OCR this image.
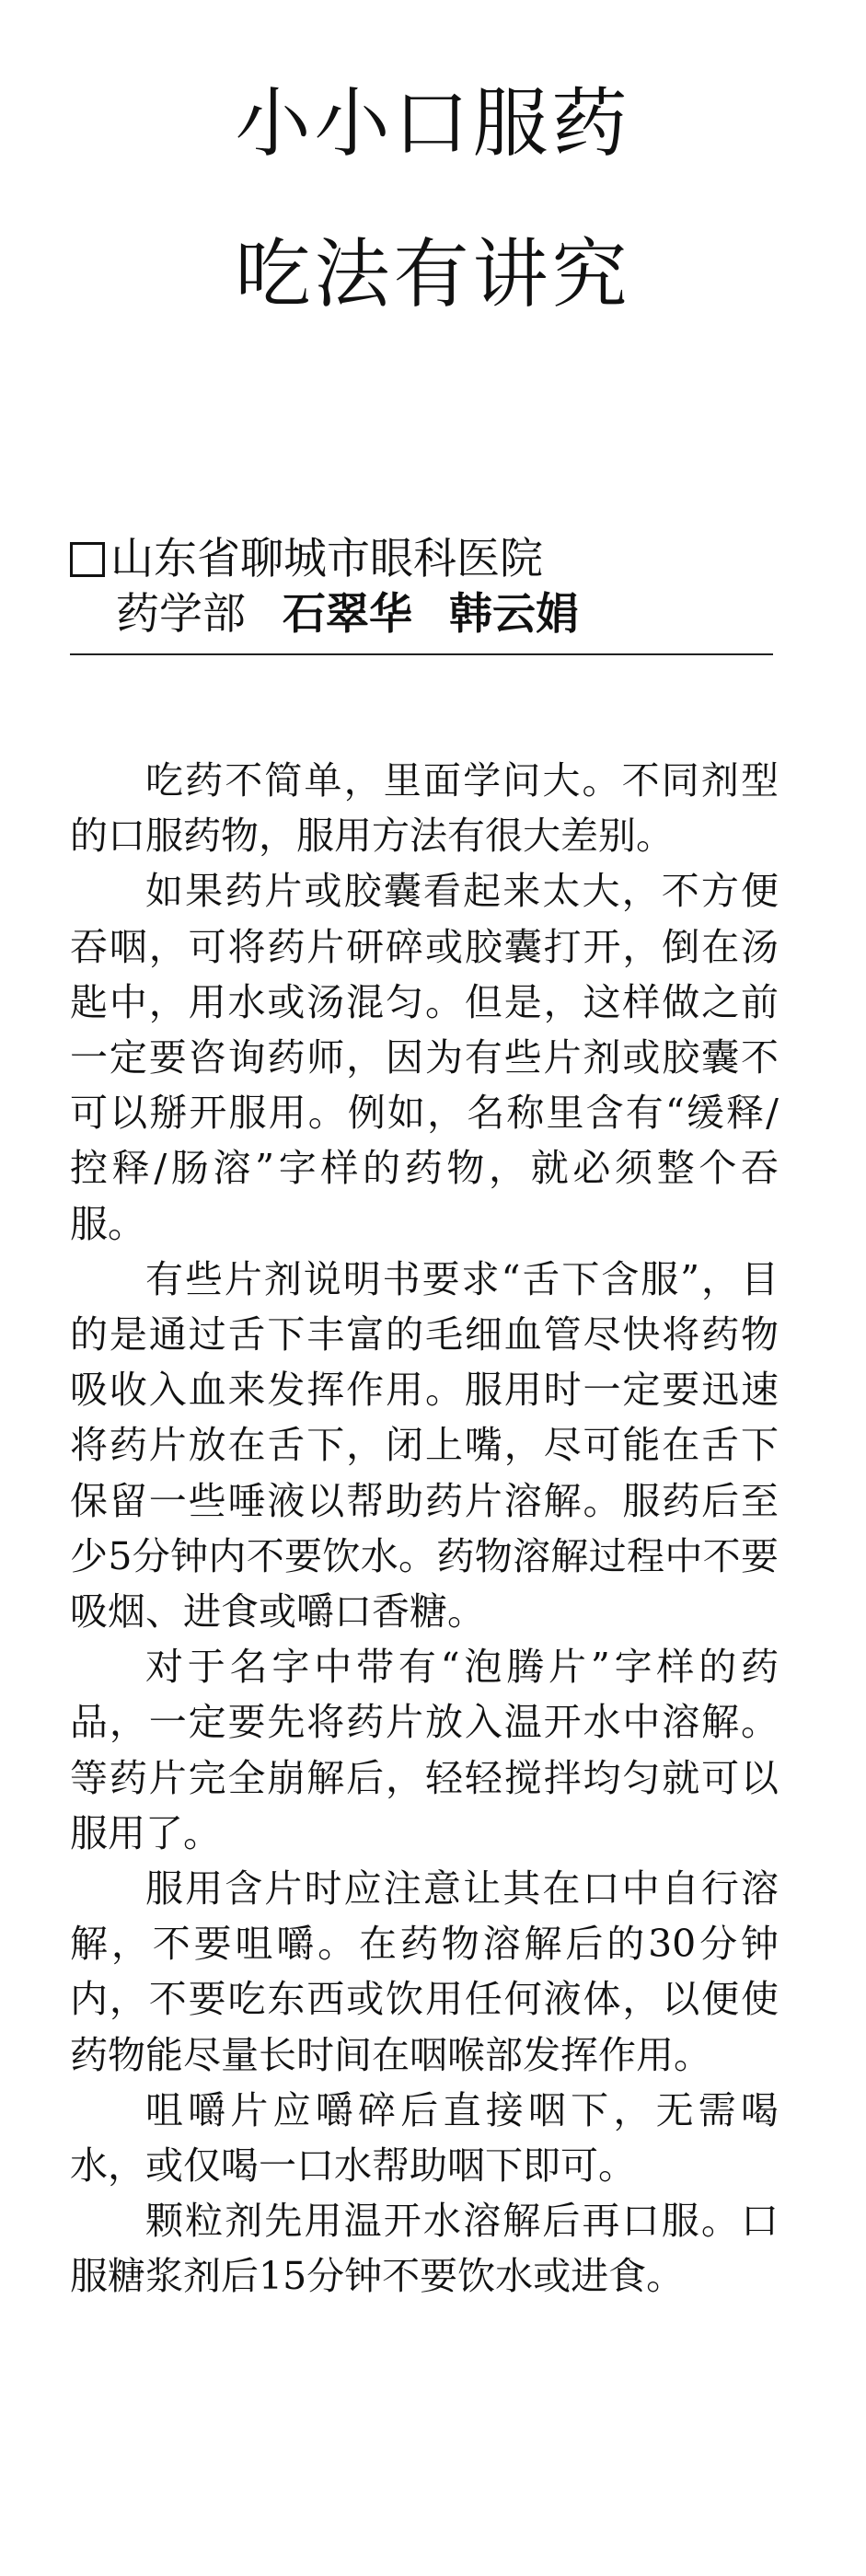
小小口服药
吃法有讲究
山东省聊城市眼科医院
药学部 石翠华 韩云娟

吃药不简单，里面学问大。不同剂型的口服药物，服用方法有很大差别。

如果药片或胶囊看起来太大，不方便吞咽，可将药片研碎或胶囊打开，倒在汤匙中，用水或汤混匀。但是，这样做之前一定要咨询药师，因为有些片剂或胶囊不可以掰开服用。例如，名称里含有“缓释/控释/肠溶”字样的药物，就必须整个吞服。

有些片剂说明书要求“舌下含服”，目的是通过舌下丰富的毛细血管尽快将药物吸收入血来发挥作用。服用时一定要迅速将药片放在舌下，闭上嘴，尽可能在舌下保留一些唾液以帮助药片溶解。服药后至少5分钟内不要饮水。药物溶解过程中不要吸烟、进食或嚼口香糖。

对于名字中带有“泡腾片”字样的药品，一定要先将药片放入温开水中溶解。等药片完全崩解后，轻轻搅拌均匀就可以服用了。

服用含片时应注意让其在口中自行溶解，不要咀嚼。在药物溶解后的30分钟内，不要吃东西或饮用任何液体，以便使药物能尽量长时间在咽喉部发挥作用。

咀嚼片应嚼碎后直接咽下，无需喝水，或仅喝一口水帮助咽下即可。

颗粒剂先用温开水溶解后再口服。口服糖浆剂后15分钟不要饮水或进食。
